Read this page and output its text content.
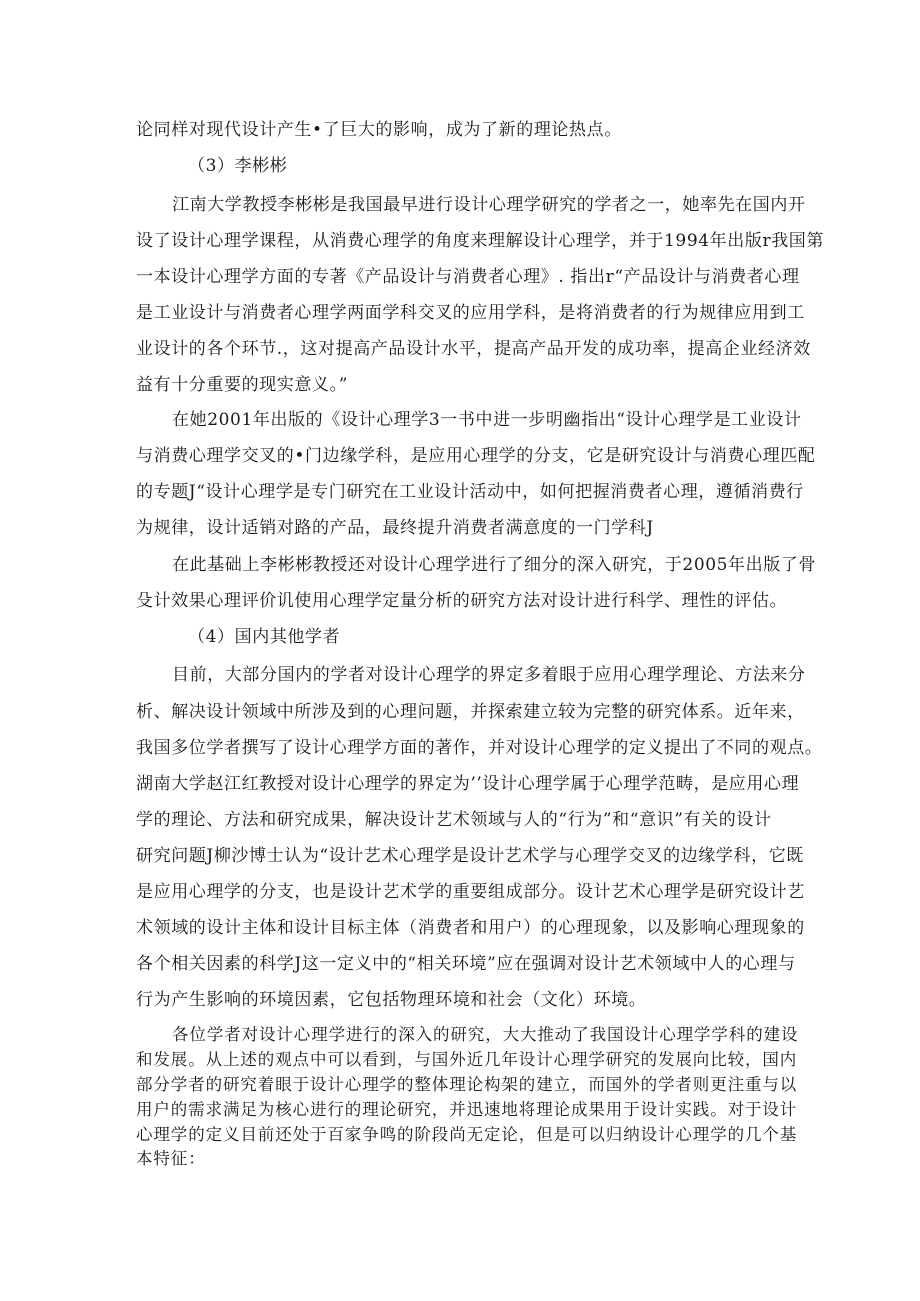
论同样对现代设计产生•了巨大的影响，成为了新的理论热点。
（3）李彬彬
江南大学教授李彬彬是我国最早进行设计心理学研究的学者之一，她率先在国内开
设了设计心理学课程，从消费心理学的角度来理解设计心理学，并于1994年出版r我国第
一本设计心理学方面的专著《产品设计与消费者心理》. 指出r“产品设计与消费者心理
是工业设计与消费者心理学两面学科交叉的应用学科，是将消费者的行为规律应用到工
业设计的各个环节.，这对提高产品设计水平，提高产品开发的成功率，提高企业经济效
益有十分重要的现实意义。”
在她2001年出版的《设计心理学3一书中进一步明幽指出“设计心理学是工业设计
与消费心理学交叉的•门边缘学科，是应用心理学的分支，它是研究设计与消费心理匹配
的专题J“设计心理学是专门研究在工业设计活动中，如何把握消费者心理，遵循消费行
为规律，设计适销对路的产品，最终提升消费者满意度的一门学科J
在此基础上李彬彬教授还对设计心理学进行了细分的深入研究，于2005年出版了骨
殳计效果心理评价讥使用心理学定量分析的研究方法对设计进行科学、理性的评估。
（4）国内其他学者
目前，大部分国内的学者对设计心理学的界定多着眼于应用心理学理论、方法来分
析、解决设计领域中所涉及到的心理问题，并探索建立较为完整的研究体系。近年来，
我国多位学者撰写了设计心理学方面的著作，并对设计心理学的定义提出了不同的观点。
湖南大学赵江红教授对设计心理学的界定为’’设计心理学属于心理学范畴，是应用心理
学的理论、方法和研究成果，解决设计艺术领域与人的“行为”和“意识”有关的设计
研究问题J柳沙博士认为“设计艺术心理学是设计艺术学与心理学交叉的边缘学科，它既
是应用心理学的分支，也是设计艺术学的重要组成部分。设计艺术心理学是研究设计艺
术领域的设计主体和设计目标主体（消费者和用户）的心理现象，以及影响心理现象的
各个相关因素的科学J这一定义中的“相关环境”应在强调对设计艺术领域中人的心理与
行为产生影响的环境因素，它包括物理环境和社会（文化）环境。
各位学者对设计心理学进行的深入的研究，大大推动了我国设计心理学学科的建设
和发展。从上述的观点中可以看到，与国外近几年设计心理学研究的发展向比较，国内
部分学者的研究着眼于设计心理学的整体理论构架的建立，而国外的学者则更注重与以
用户的需求满足为核心进行的理论研究，并迅速地将理论成果用于设计实践。对于设计
心理学的定义目前还处于百家争鸣的阶段尚无定论，但是可以归纳设计心理学的几个基
本特征：
